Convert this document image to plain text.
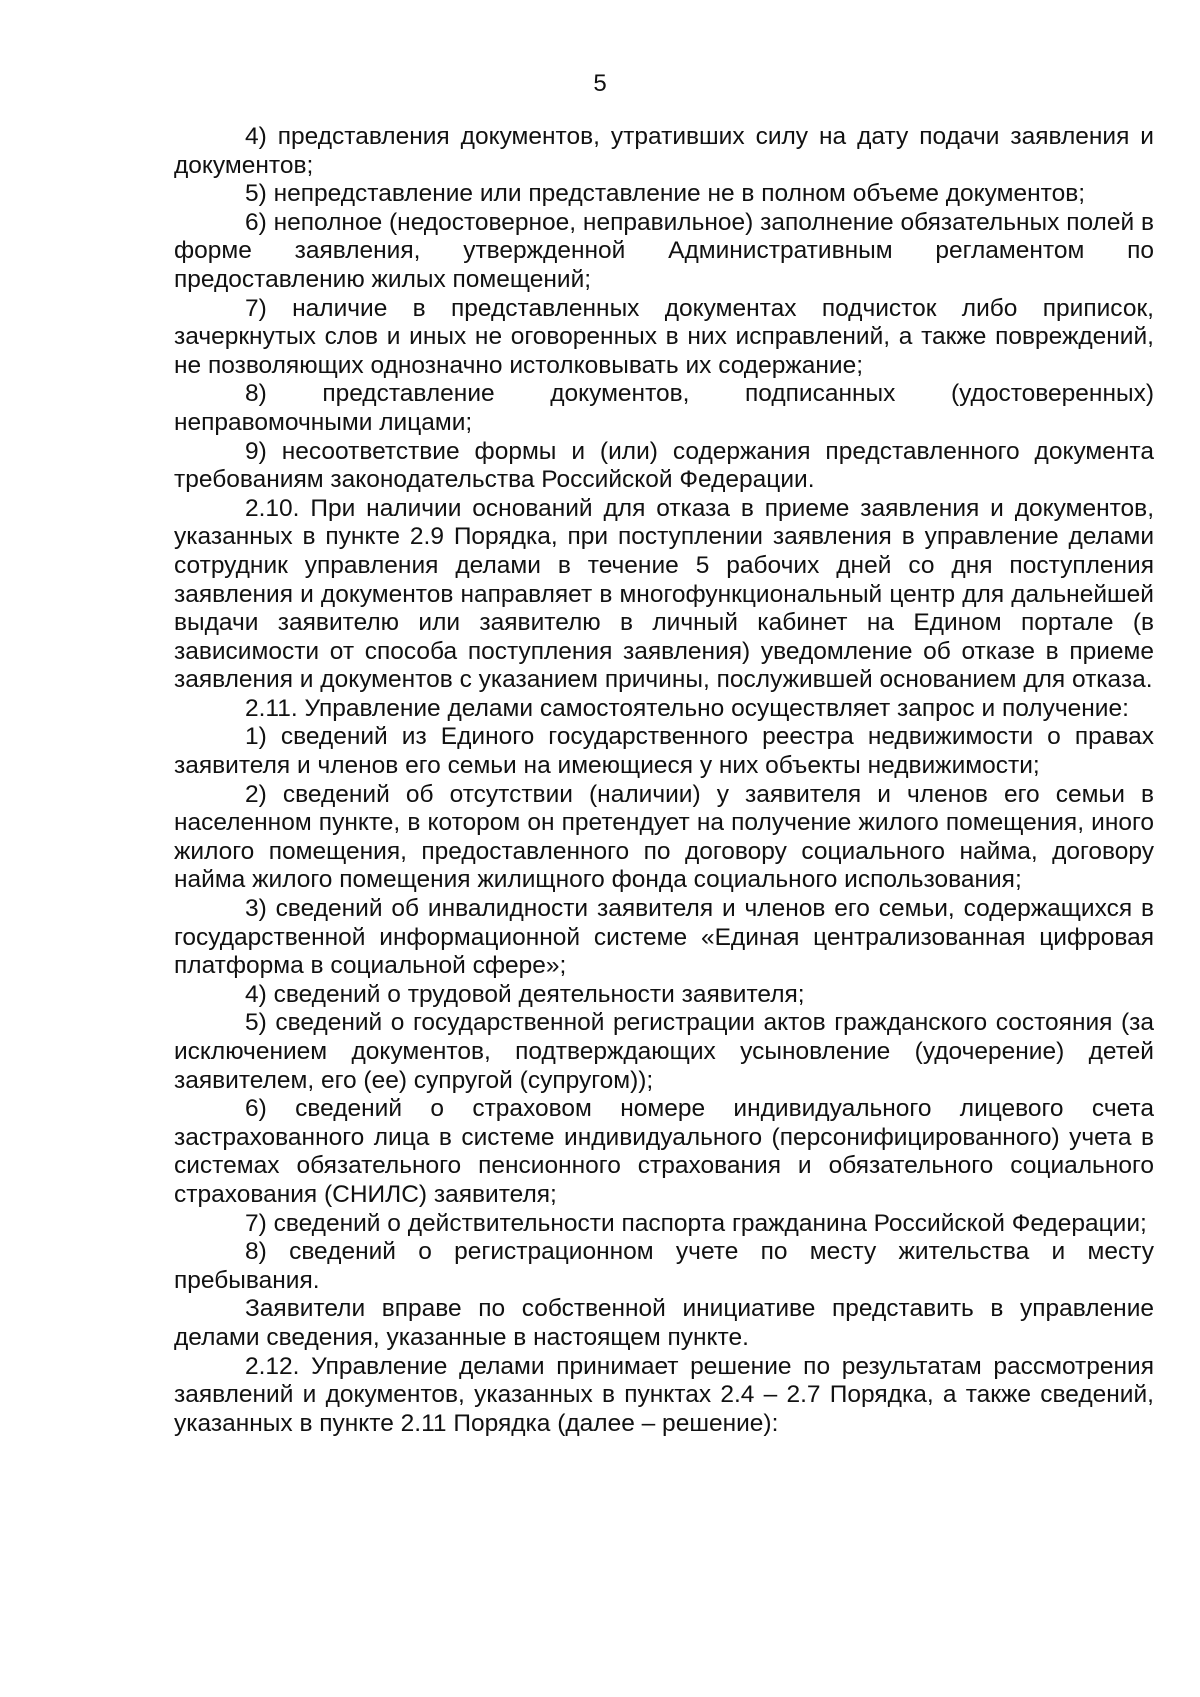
5

4) представления документов, утративших силу на дату подачи заявления и документов;

5) непредставление или представление не в полном объеме документов;

6) неполное (недостоверное, неправильное) заполнение обязательных полей в форме заявления, утвержденной Административным регламентом по предоставлению жилых помещений;

7) наличие в представленных документах подчисток либо приписок, зачеркнутых слов и иных не оговоренных в них исправлений, а также повреждений, не позволяющих однозначно истолковывать их содержание;

8) представление документов, подписанных (удостоверенных) неправомочными лицами;

9) несоответствие формы и (или) содержания представленного документа требованиям законодательства Российской Федерации.

2.10. При наличии оснований для отказа в приеме заявления и документов, указанных в пункте 2.9 Порядка, при поступлении заявления в управление делами сотрудник управления делами в течение 5 рабочих дней со дня поступления заявления и документов направляет в многофункциональный центр для дальнейшей выдачи заявителю или заявителю в личный кабинет на Едином портале (в зависимости от способа поступления заявления) уведомление об отказе в приеме заявления и документов с указанием причины, послужившей основанием для отказа.

2.11. Управление делами самостоятельно осуществляет запрос и получение:

1) сведений из Единого государственного реестра недвижимости о правах заявителя и членов его семьи на имеющиеся у них объекты недвижимости;

2) сведений об отсутствии (наличии) у заявителя и членов его семьи в населенном пункте, в котором он претендует на получение жилого помещения, иного жилого помещения, предоставленного по договору социального найма, договору найма жилого помещения жилищного фонда социального использования;

3) сведений об инвалидности заявителя и членов его семьи, содержащихся в государственной информационной системе «Единая централизованная цифровая платформа в социальной сфере»;

4) сведений о трудовой деятельности заявителя;

5) сведений о государственной регистрации актов гражданского состояния (за исключением документов, подтверждающих усыновление (удочерение) детей заявителем, его (ее) супругой (супругом));

6) сведений о страховом номере индивидуального лицевого счета застрахованного лица в системе индивидуального (персонифицированного) учета в системах обязательного пенсионного страхования и обязательного социального страхования (СНИЛС) заявителя;

7) сведений о действительности паспорта гражданина Российской Федерации;

8) сведений о регистрационном учете по месту жительства и месту пребывания.

Заявители вправе по собственной инициативе представить в управление делами сведения, указанные в настоящем пункте.

2.12. Управление делами принимает решение по результатам рассмотрения заявлений и документов, указанных в пунктах 2.4 – 2.7 Порядка, а также сведений, указанных в пункте 2.11 Порядка (далее – решение):
